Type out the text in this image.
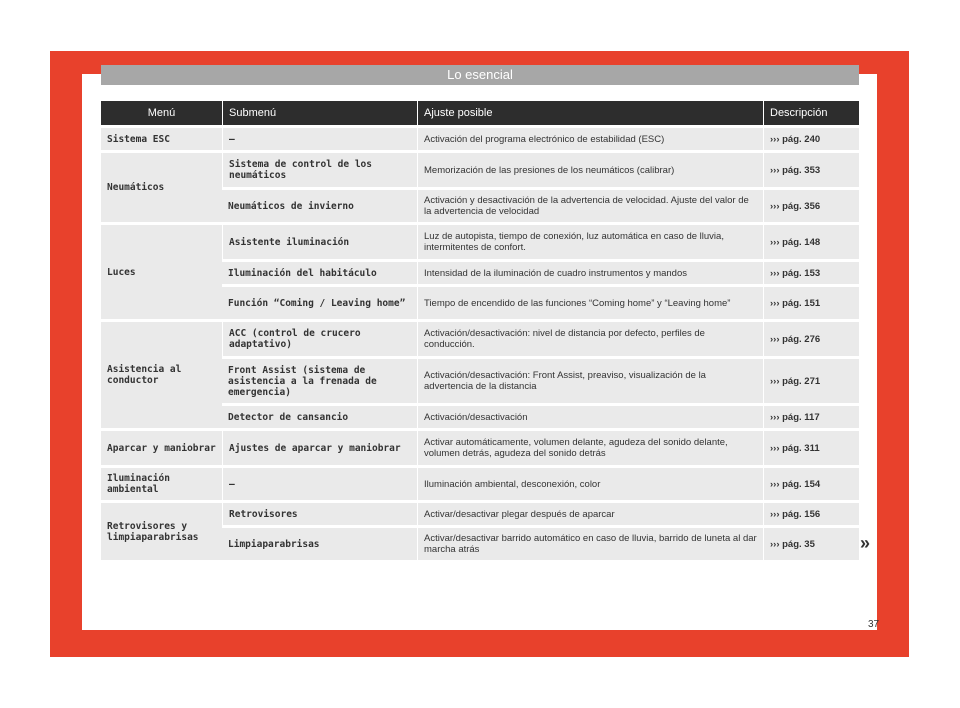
Lo esencial
Menú	Submenú	Ajuste posible	Descripción
Sistema ESC	–	Activación del programa electrónico de estabilidad (ESC)	››› pág. 240
Neumáticos	Sistema de control de los neumáticos	Memorización de las presiones de los neumáticos (calibrar)	››› pág. 353
	Neumáticos de invierno	Activación y desactivación de la advertencia de velocidad. Ajuste del valor de la advertencia de velocidad	››› pág. 356
Luces	Asistente iluminación	Luz de autopista, tiempo de conexión, luz automática en caso de lluvia, intermitentes de confort.	››› pág. 148
	Iluminación del habitáculo	Intensidad de la iluminación de cuadro instrumentos y mandos	››› pág. 153
	Función “Coming / Leaving home”	Tiempo de encendido de las funciones “Coming home” y “Leaving home”	››› pág. 151
Asistencia al conductor	ACC (control de crucero adaptativo)	Activación/desactivación: nivel de distancia por defecto, perfiles de conducción.	››› pág. 276
	Front Assist (sistema de asistencia a la frenada de emergencia)	Activación/desactivación: Front Assist, preaviso, visualización de la advertencia de la distancia	››› pág. 271
	Detector de cansancio	Activación/desactivación	››› pág. 117
Aparcar y maniobrar	Ajustes de aparcar y maniobrar	Activar automáticamente, volumen delante, agudeza del sonido delante, volumen detrás, agudeza del sonido detrás	››› pág. 311
Iluminación ambiental	–	Iluminación ambiental, desconexión, color	››› pág. 154
Retrovisores y limpiaparabrisas	Retrovisores	Activar/desactivar plegar después de aparcar	››› pág. 156
	Limpiaparabrisas	Activar/desactivar barrido automático en caso de lluvia, barrido de luneta al dar marcha atrás	››› pág. 35	»
37
